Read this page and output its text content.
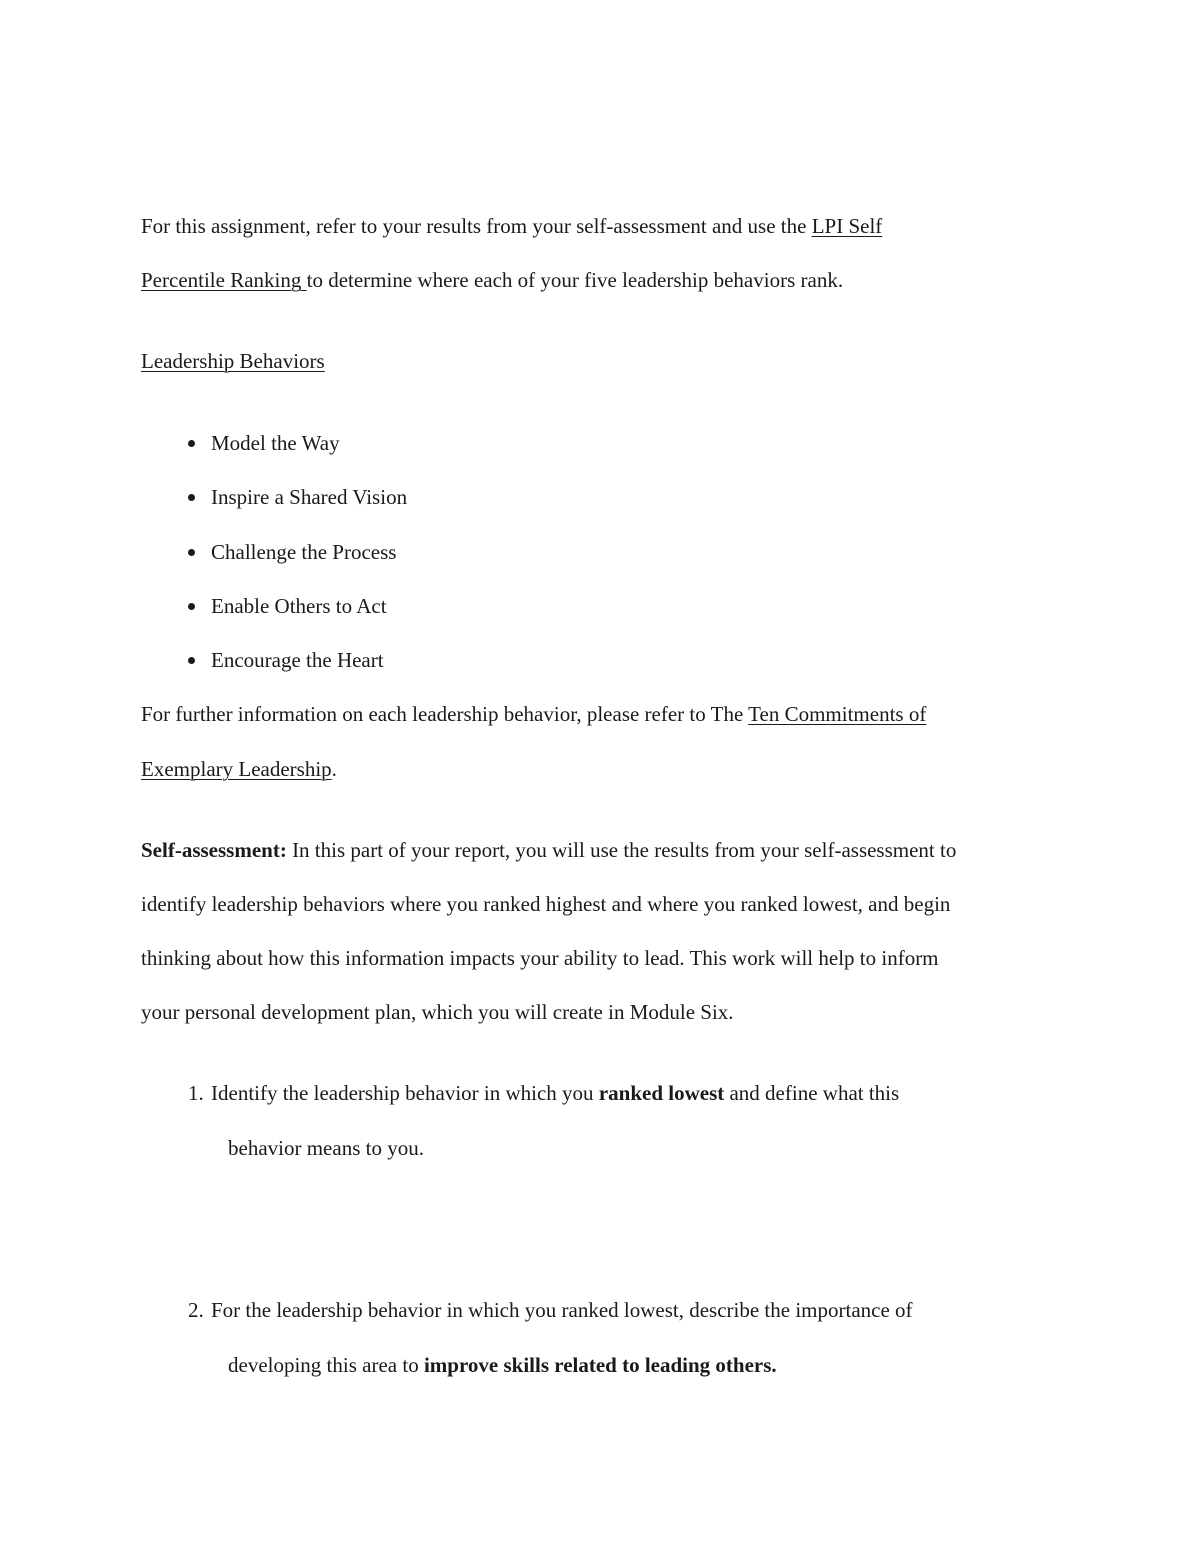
For this assignment, refer to your results from your self-assessment and use the LPI Self
Percentile Ranking to determine where each of your five leadership behaviors rank.
Leadership Behaviors
Model the Way
Inspire a Shared Vision
Challenge the Process
Enable Others to Act
Encourage the Heart
For further information on each leadership behavior, please refer to The Ten Commitments of
Exemplary Leadership.
Self-assessment: In this part of your report, you will use the results from your self-assessment to
identify leadership behaviors where you ranked highest and where you ranked lowest, and begin
thinking about how this information impacts your ability to lead. This work will help to inform
your personal development plan, which you will create in Module Six.
1. Identify the leadership behavior in which you ranked lowest and define what this
behavior means to you.
2. For the leadership behavior in which you ranked lowest, describe the importance of
developing this area to improve skills related to leading others.
